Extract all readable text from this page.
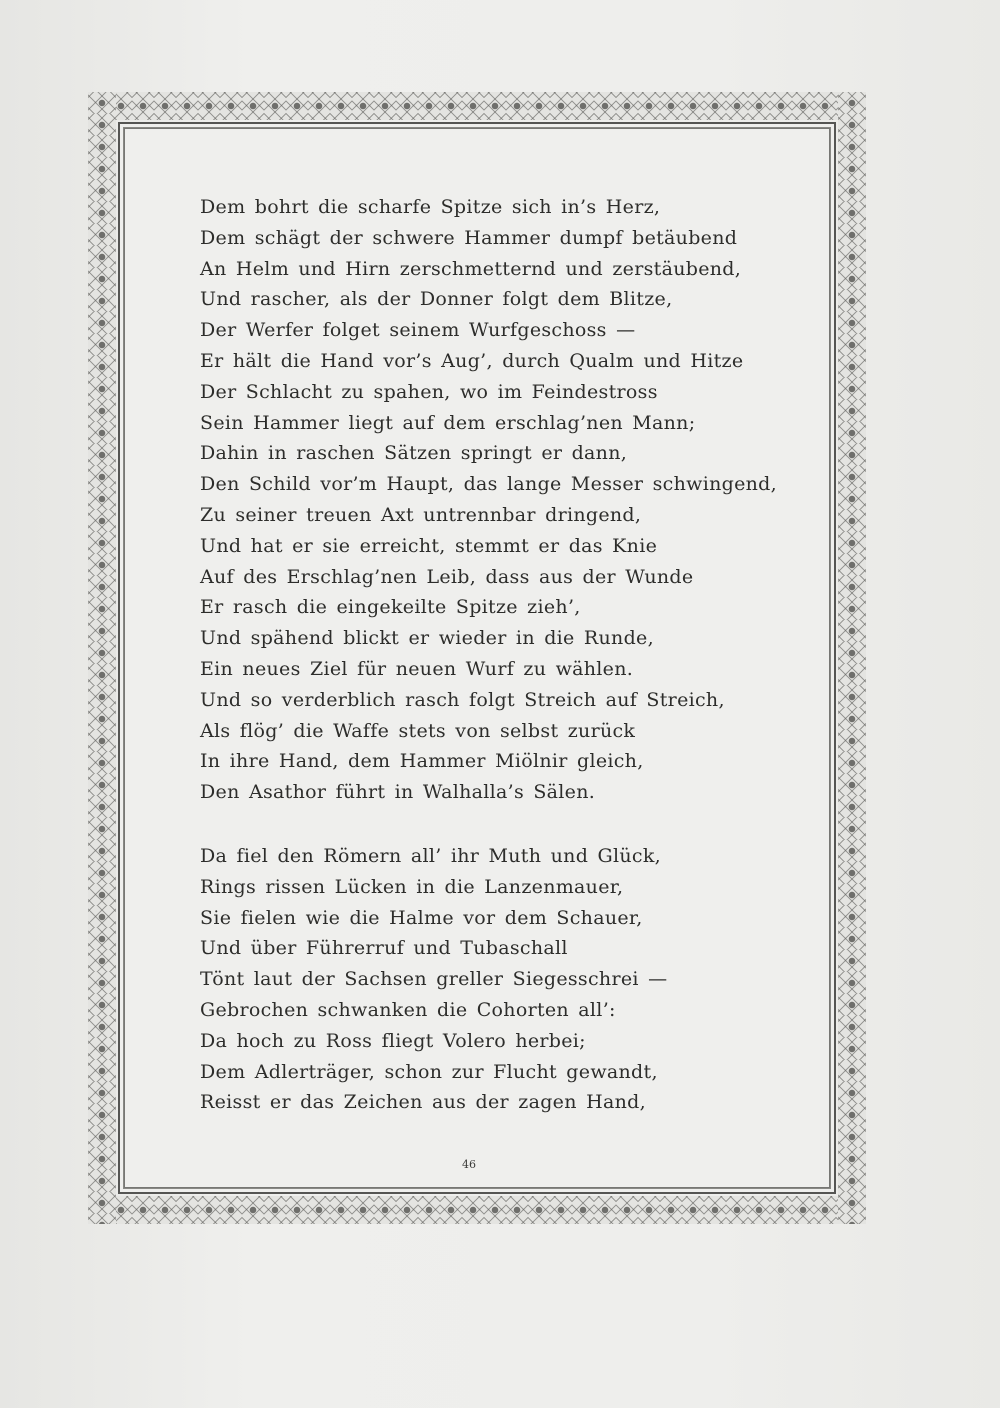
Dem bohrt die scharfe Spitze sich in’s Herz,
Dem schägt der schwere Hammer dumpf betäubend
An Helm und Hirn zerschmetternd und zerstäubend,
Und rascher, als der Donner folgt dem Blitze,
Der Werfer folget seinem Wurfgeschoss —
Er hält die Hand vor’s Aug’, durch Qualm und Hitze
Der Schlacht zu spahen, wo im Feindestross
Sein Hammer liegt auf dem erschlag’nen Mann;
Dahin in raschen Sätzen springt er dann,
Den Schild vor’m Haupt, das lange Messer schwingend,
Zu seiner treuen Axt untrennbar dringend,
Und hat er sie erreicht, stemmt er das Knie
Auf des Erschlag’nen Leib, dass aus der Wunde
Er rasch die eingekeilte Spitze zieh’,
Und spähend blickt er wieder in die Runde,
Ein neues Ziel für neuen Wurf zu wählen.
Und so verderblich rasch folgt Streich auf Streich,
Als flög’ die Waffe stets von selbst zurück
In ihre Hand, dem Hammer Miölnir gleich,
Den Asathor führt in Walhalla’s Sälen.
Da fiel den Römern all’ ihr Muth und Glück,
Rings rissen Lücken in die Lanzenmauer,
Sie fielen wie die Halme vor dem Schauer,
Und über Führerruf und Tubaschall
Tönt laut der Sachsen greller Siegesschrei —
Gebrochen schwanken die Cohorten all’:
Da hoch zu Ross fliegt Volero herbei;
Dem Adlerträger, schon zur Flucht gewandt,
Reisst er das Zeichen aus der zagen Hand,
46
